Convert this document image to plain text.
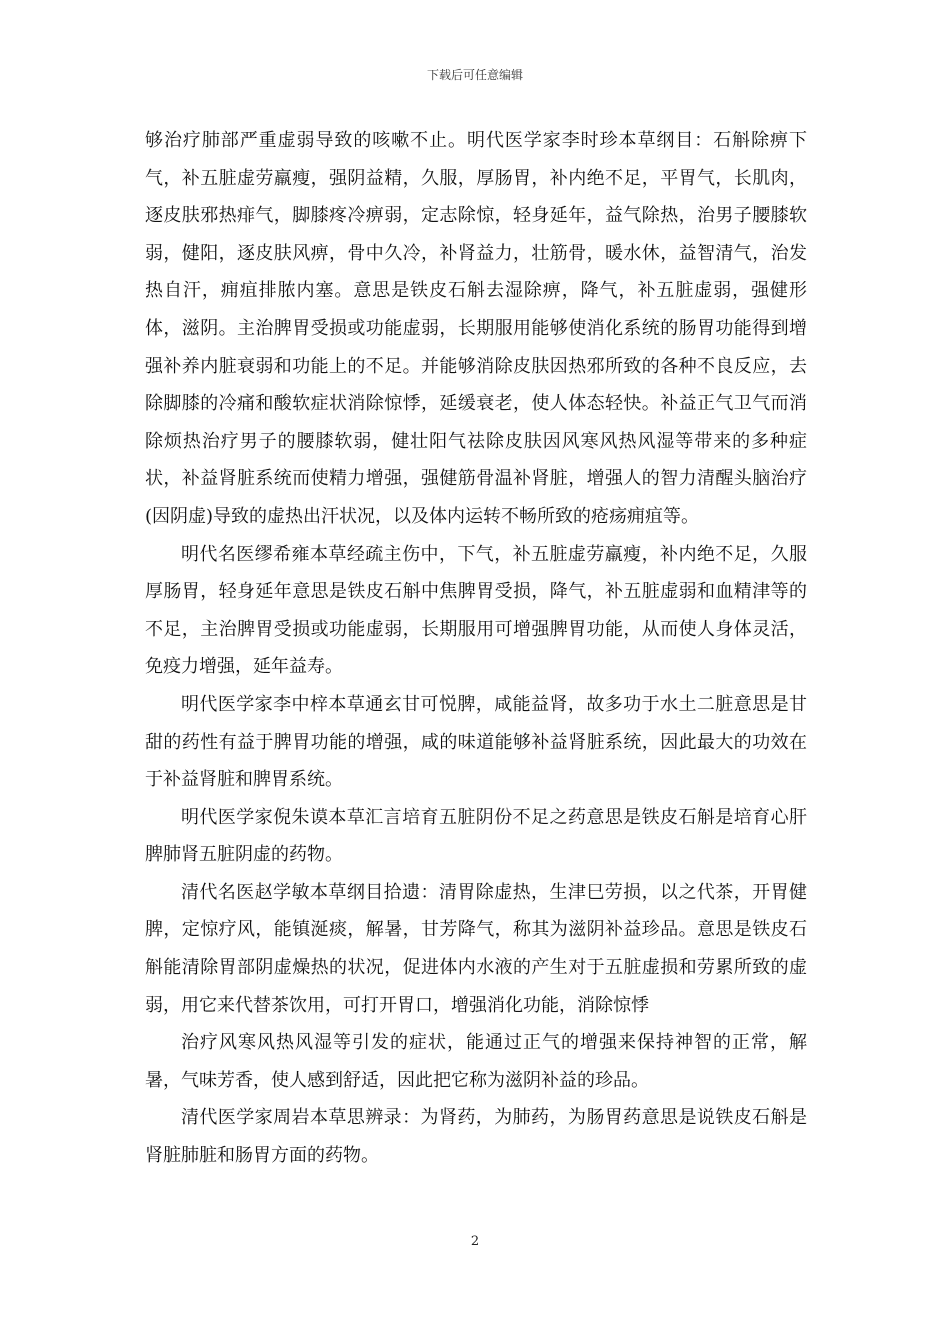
下载后可任意编辑

够治疗肺部严重虚弱导致的咳嗽不止。明代医学家李时珍本草纲目：石斛除痹下气，补五脏虚劳羸瘦，强阴益精，久服，厚肠胃，补内绝不足，平胃气，长肌肉，逐皮肤邪热痱气，脚膝疼冷痹弱，定志除惊，轻身延年，益气除热，治男子腰膝软弱，健阳，逐皮肤风痹，骨中久冷，补肾益力，壮筋骨，暖水休，益智清气，治发热自汗，痈疽排脓内塞。意思是铁皮石斛去湿除痹，降气，补五脏虚弱，强健形体，滋阴。主治脾胃受损或功能虚弱，长期服用能够使消化系统的肠胃功能得到增强补养内脏衰弱和功能上的不足。并能够消除皮肤因热邪所致的各种不良反应，去除脚膝的冷痛和酸软症状消除惊悸，延缓衰老，使人体态轻快。补益正气卫气而消除烦热治疗男子的腰膝软弱，健壮阳气祛除皮肤因风寒风热风湿等带来的多种症状，补益肾脏系统而使精力增强，强健筋骨温补肾脏，增强人的智力清醒头脑治疗(因阴虚)导致的虚热出汗状况，以及体内运转不畅所致的疮疡痈疽等。

明代名医缪希雍本草经疏主伤中，下气，补五脏虚劳羸瘦，补内绝不足，久服厚肠胃，轻身延年意思是铁皮石斛中焦脾胃受损，降气，补五脏虚弱和血精津等的不足，主治脾胃受损或功能虚弱，长期服用可增强脾胃功能，从而使人身体灵活，免疫力增强，延年益寿。

明代医学家李中梓本草通玄甘可悦脾，咸能益肾，故多功于水土二脏意思是甘甜的药性有益于脾胃功能的增强，咸的味道能够补益肾脏系统，因此最大的功效在于补益肾脏和脾胃系统。

明代医学家倪朱谟本草汇言培育五脏阴份不足之药意思是铁皮石斛是培育心肝脾肺肾五脏阴虚的药物。

清代名医赵学敏本草纲目拾遗：清胃除虚热，生津巳劳损，以之代茶，开胃健脾，定惊疗风，能镇涎痰，解暑，甘芳降气，称其为滋阴补益珍品。意思是铁皮石斛能清除胃部阴虚燥热的状况，促进体内水液的产生对于五脏虚损和劳累所致的虚弱，用它来代替茶饮用，可打开胃口，增强消化功能，消除惊悸

治疗风寒风热风湿等引发的症状，能通过正气的增强来保持神智的正常，解暑，气味芳香，使人感到舒适，因此把它称为滋阴补益的珍品。

清代医学家周岩本草思辨录：为肾药，为肺药，为肠胃药意思是说铁皮石斛是肾脏肺脏和肠胃方面的药物。

2
